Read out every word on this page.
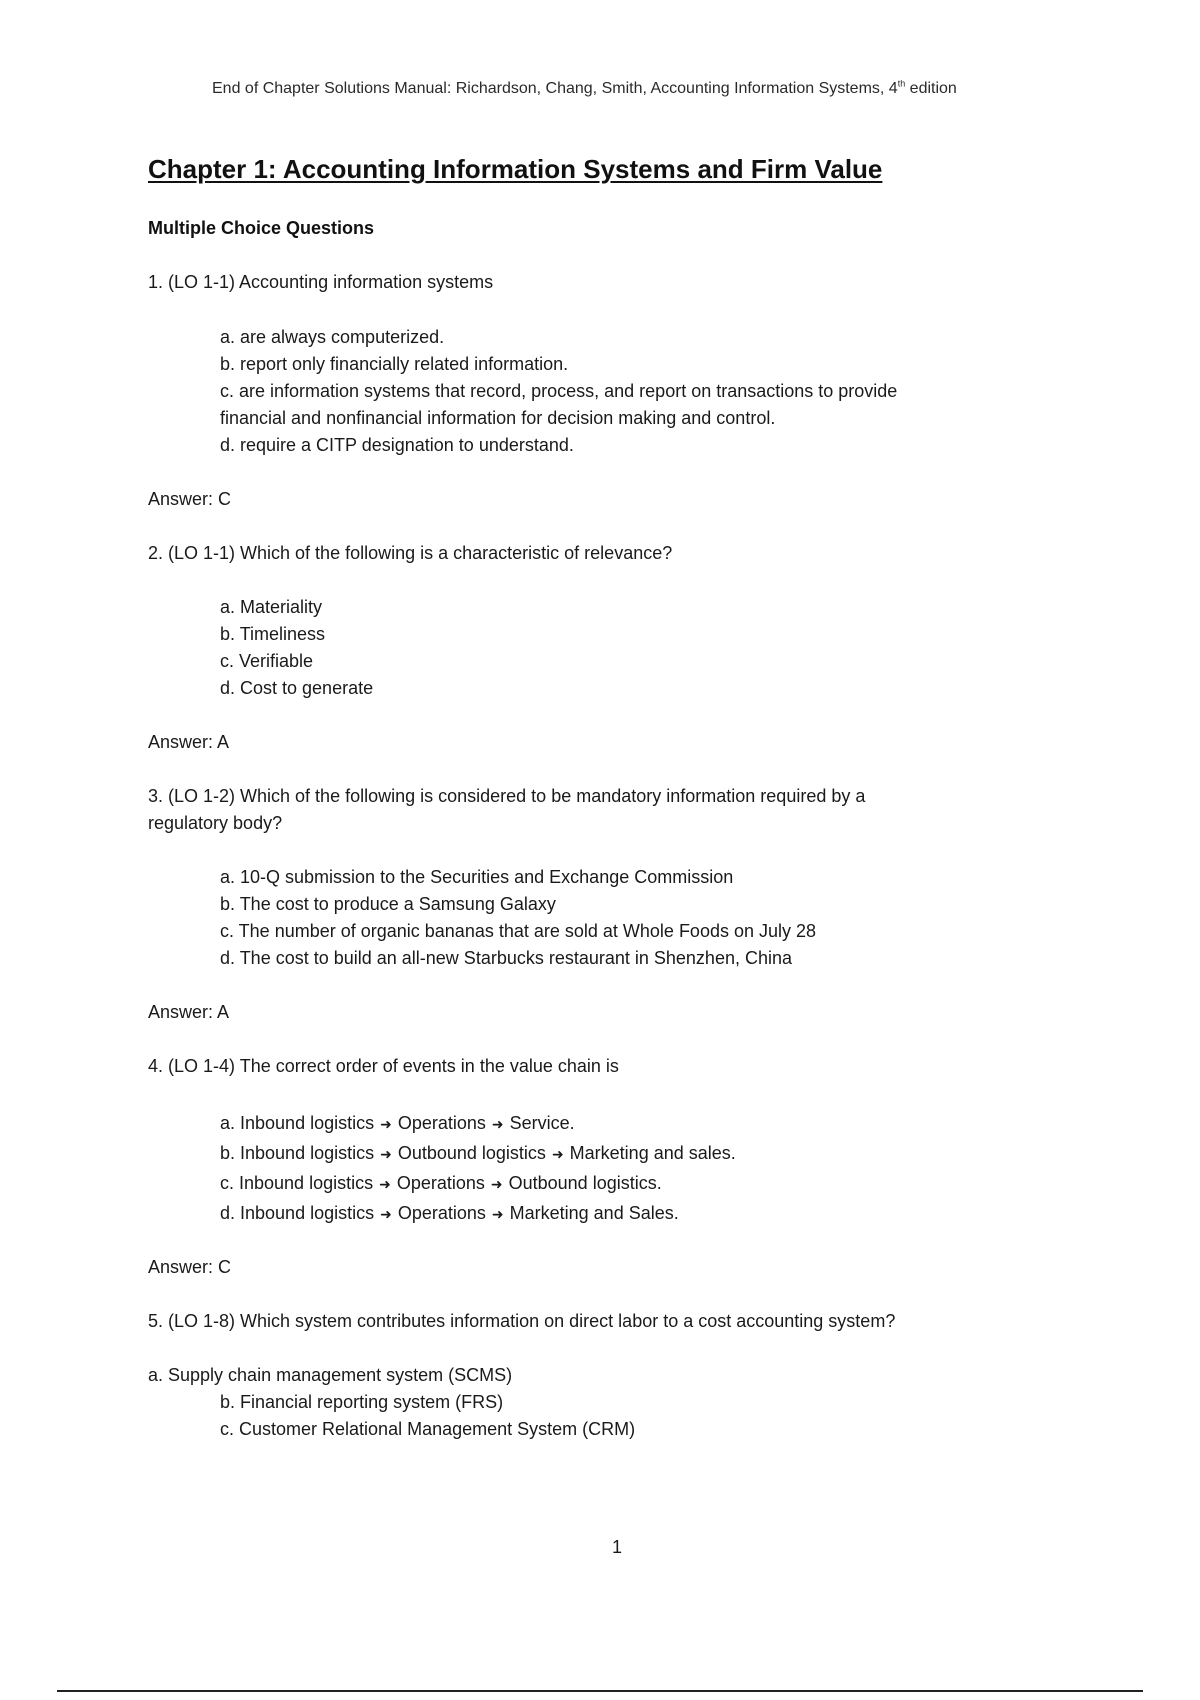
End of Chapter Solutions Manual: Richardson, Chang, Smith, Accounting Information Systems, 4th edition
Chapter 1: Accounting Information Systems and Firm Value
Multiple Choice Questions
1. (LO 1-1) Accounting information systems
a. are always computerized.
b. report only financially related information.
c. are information systems that record, process, and report on transactions to provide
financial and nonfinancial information for decision making and control.
d. require a CITP designation to understand.
Answer: C
2. (LO 1-1) Which of the following is a characteristic of relevance?
a. Materiality
b. Timeliness
c. Verifiable
d. Cost to generate
Answer: A
3. (LO 1-2) Which of the following is considered to be mandatory information required by a
regulatory body?
a. 10-Q submission to the Securities and Exchange Commission
b. The cost to produce a Samsung Galaxy
c. The number of organic bananas that are sold at Whole Foods on July 28
d. The cost to build an all-new Starbucks restaurant in Shenzhen, China
Answer: A
4. (LO 1-4) The correct order of events in the value chain is
a. Inbound logistics ➜ Operations ➜ Service.
b. Inbound logistics ➜ Outbound logistics ➜ Marketing and sales.
c. Inbound logistics ➜ Operations ➜ Outbound logistics.
d. Inbound logistics ➜ Operations ➜ Marketing and Sales.
Answer: C
5. (LO 1-8) Which system contributes information on direct labor to a cost accounting system?
a. Supply chain management system (SCMS)
b. Financial reporting system (FRS)
c. Customer Relational Management System (CRM)
1
